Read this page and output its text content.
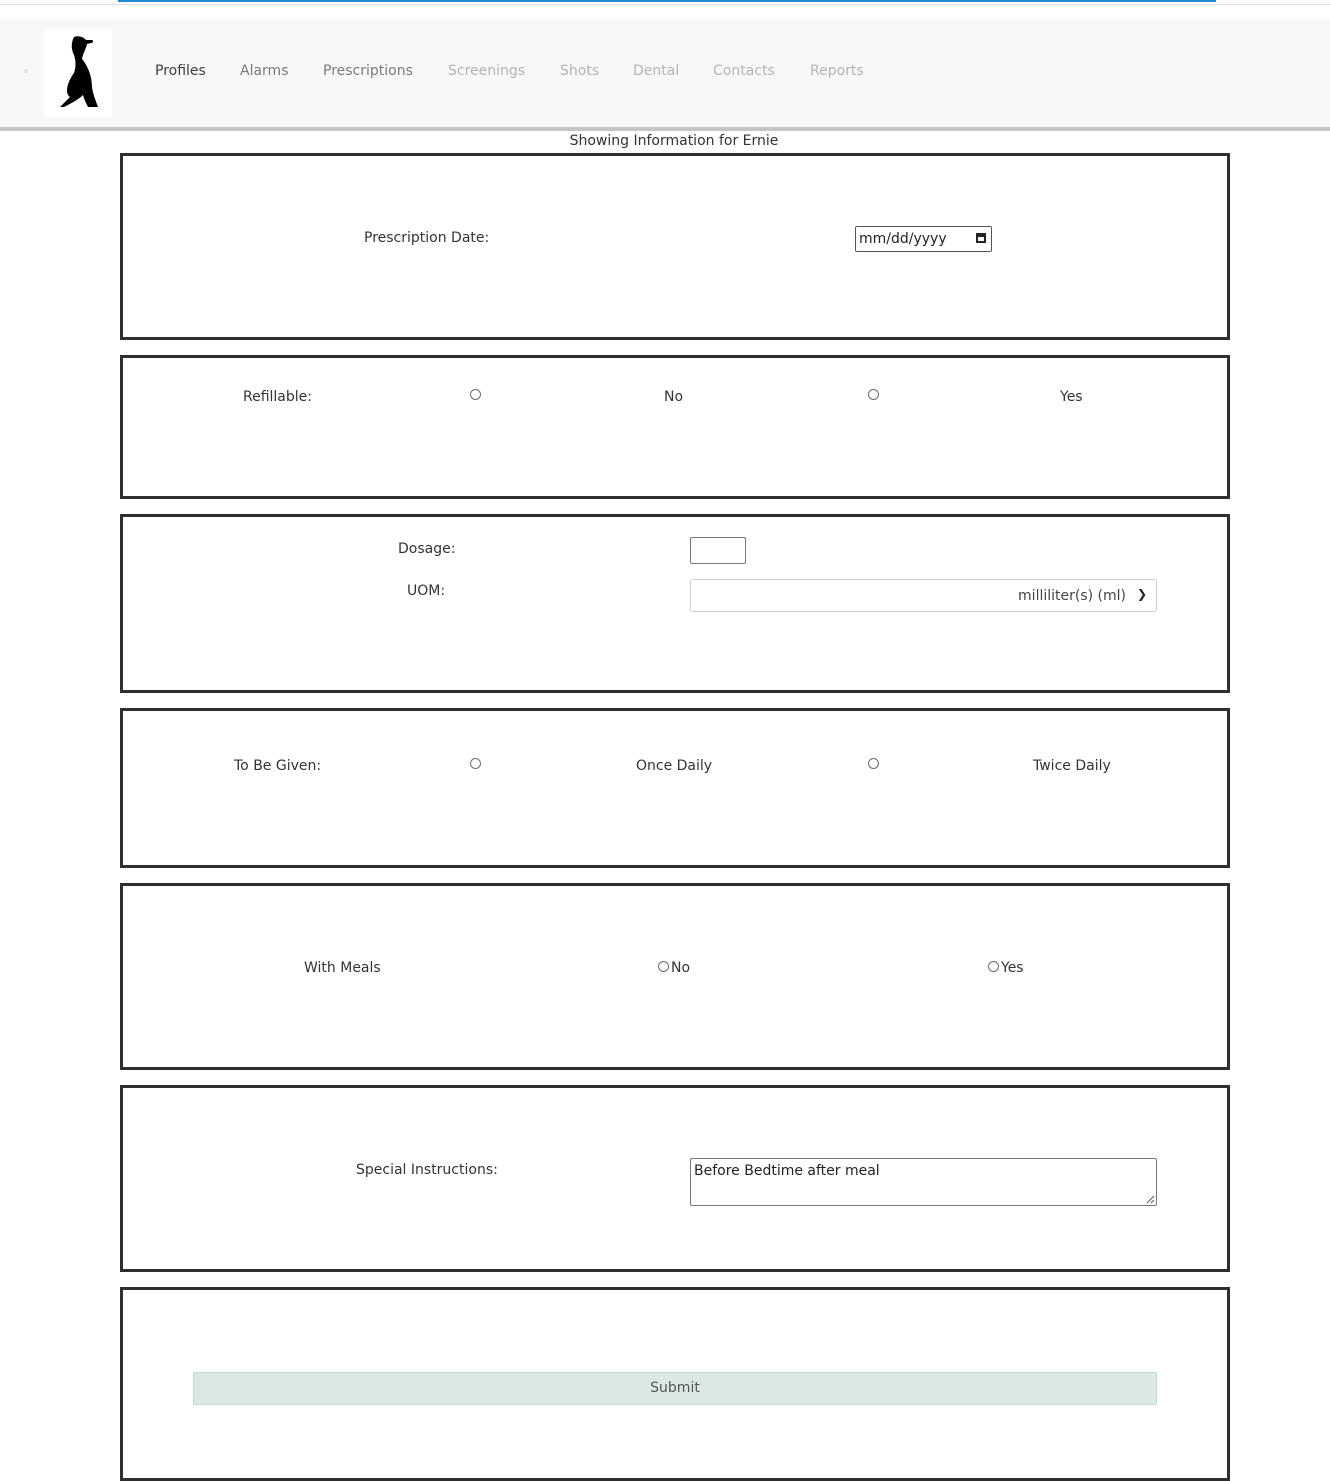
Profiles Alarms Prescriptions	Screenings Shots Dental Contacts	Reports
Showing Information for Ernie
Prescription Date:	mm/dd/yyyy
Refillable:	No	Yes
Dosage:
UOM:	milliliter(s) (ml) ❯
To Be Given:	Once Daily	Twice Daily
With Meals	No	Yes
Special Instructions:	Before Bedtime after meal
Submit
